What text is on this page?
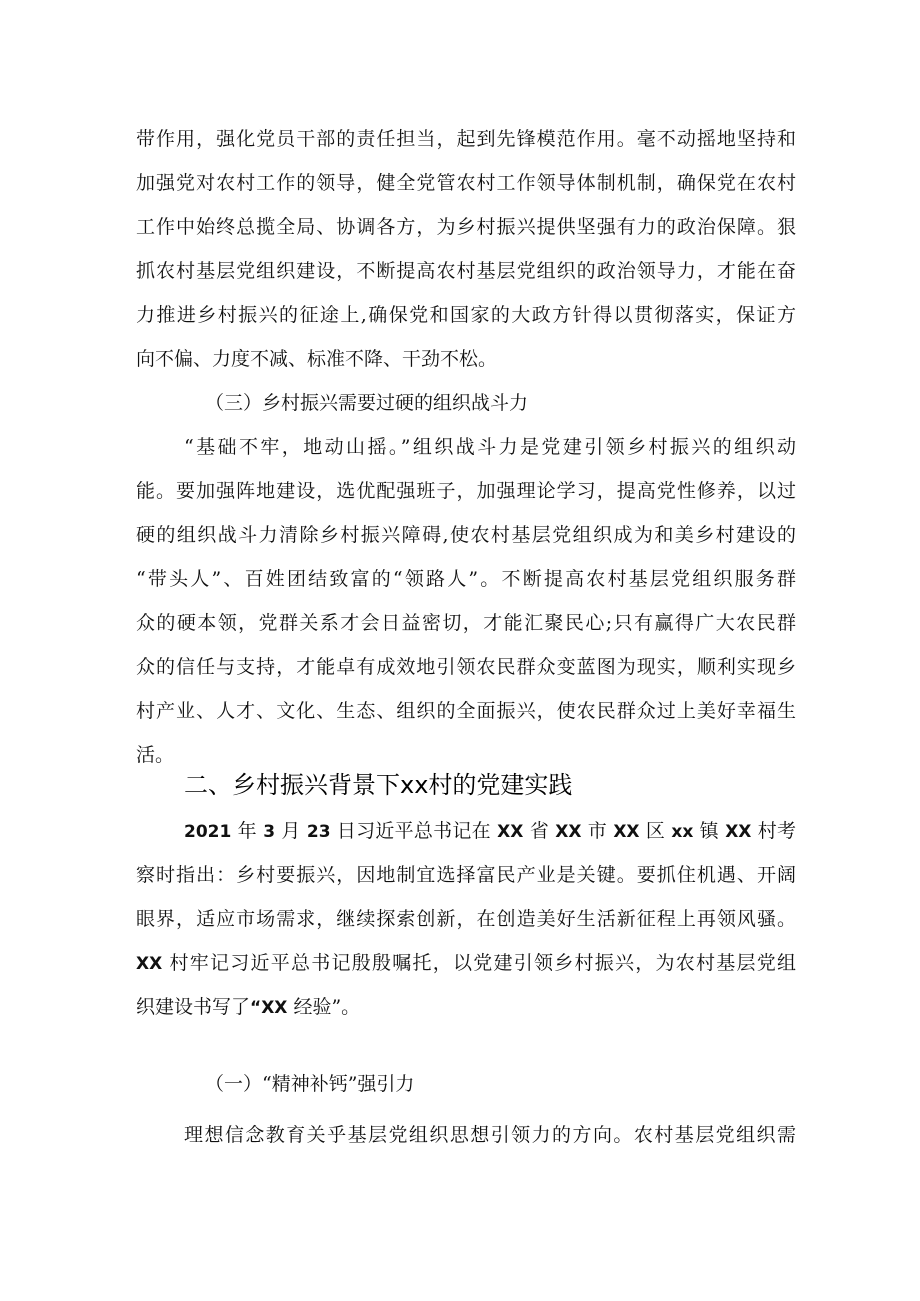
带作用，强化党员干部的责任担当，起到先锋模范作用。毫不动摇地坚持和
加强党对农村工作的领导，健全党管农村工作领导体制机制，确保党在农村
工作中始终总揽全局、协调各方，为乡村振兴提供坚强有力的政治保障。狠
抓农村基层党组织建设，不断提高农村基层党组织的政治领导力，才能在奋
力推进乡村振兴的征途上,确保党和国家的大政方针得以贯彻落实，保证方
向不偏、力度不减、标准不降、干劲不松。
（三）乡村振兴需要过硬的组织战斗力
“基础不牢，地动山摇。”组织战斗力是党建引领乡村振兴的组织动
能。要加强阵地建设，选优配强班子，加强理论学习，提高党性修养，以过
硬的组织战斗力清除乡村振兴障碍,使农村基层党组织成为和美乡村建设的
“带头人”、百姓团结致富的“领路人”。不断提高农村基层党组织服务群
众的硬本领，党群关系才会日益密切，才能汇聚民心;只有赢得广大农民群
众的信任与支持，才能卓有成效地引领农民群众变蓝图为现实，顺利实现乡
村产业、人才、文化、生态、组织的全面振兴，使农民群众过上美好幸福生
活。
二、乡村振兴背景下xx村的党建实践
2021 年 3 月 23 日习近平总书记在 XX 省 XX 市 XX 区 xx 镇 XX 村考
察时指出：乡村要振兴，因地制宜选择富民产业是关键。要抓住机遇、开阔
眼界，适应市场需求，继续探索创新，在创造美好生活新征程上再领风骚。
XX 村牢记习近平总书记殷殷嘱托，以党建引领乡村振兴，为农村基层党组
织建设书写了“XX 经验”。
（一）“精神补钙”强引力
理想信念教育关乎基层党组织思想引领力的方向。农村基层党组织需
